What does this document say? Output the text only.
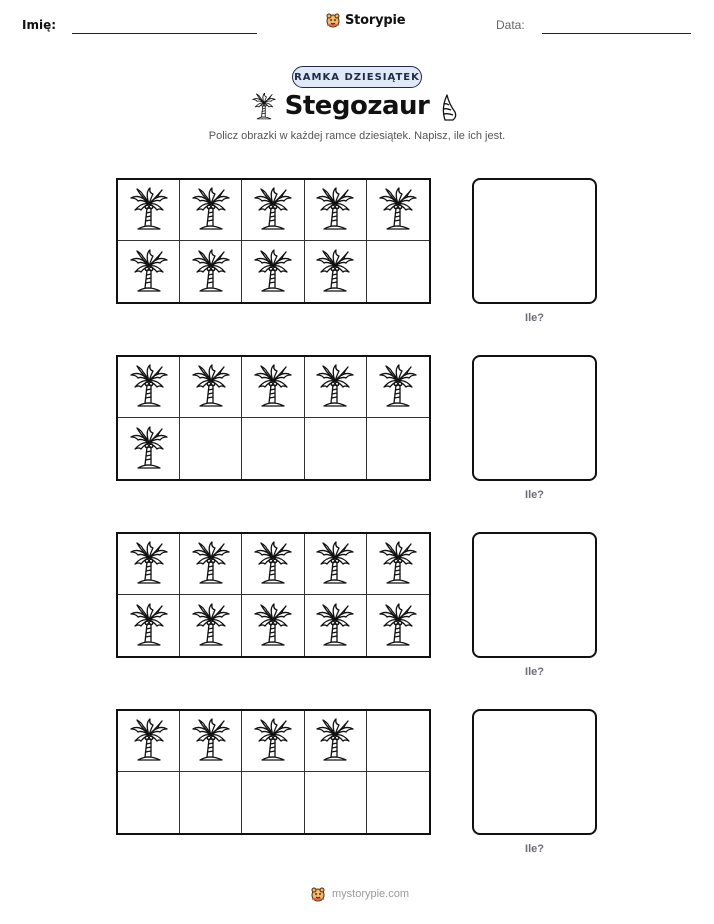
Imię:	Storypie	Data:
RAMKA DZIESIĄTEK
Stegozaur
Policz obrazki w każdej ramce dziesiątek. Napisz, ile ich jest.
Ile?
Ile?
Ile?
Ile?
mystorypie.com
